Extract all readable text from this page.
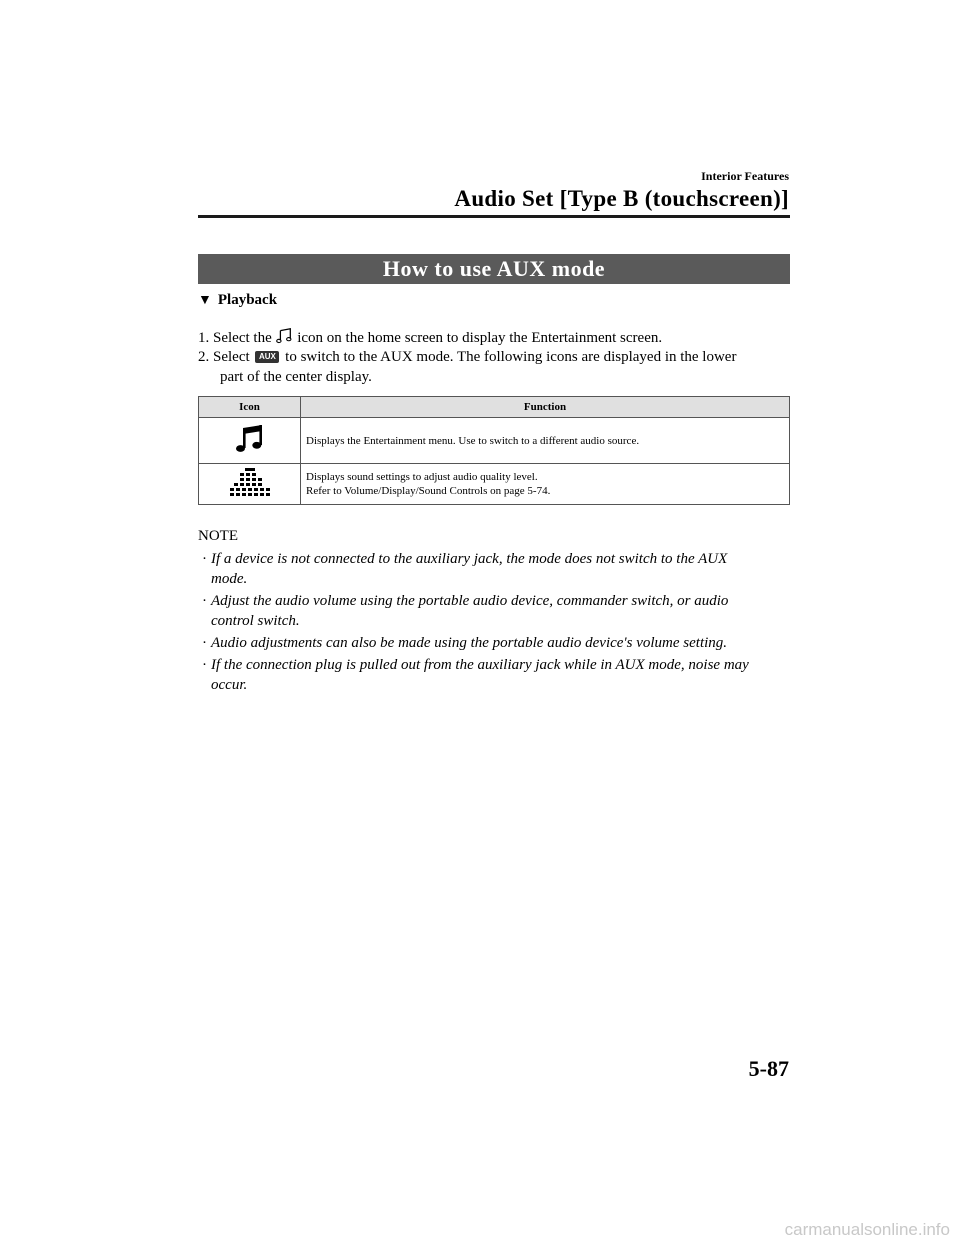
Interior Features
Audio Set [Type B (touchscreen)]
How to use AUX mode
▼ Playback
1. Select the icon on the home screen to display the Entertainment screen.
2. Select AUX to switch to the AUX mode. The following icons are displayed in the lower
part of the center display.
Icon	Function

Displays the Entertainment menu. Use to switch to a different audio source.

Displays sound settings to adjust audio quality level.
Refer to Volume/Display/Sound Controls on page 5-74.
NOTE
· If a device is not connected to the auxiliary jack, the mode does not switch to the AUX
mode.
· Adjust the audio volume using the portable audio device, commander switch, or audio
control switch.
· Audio adjustments can also be made using the portable audio device's volume setting.
· If the connection plug is pulled out from the auxiliary jack while in AUX mode, noise may
occur.
5-87
carmanualsonline.info
